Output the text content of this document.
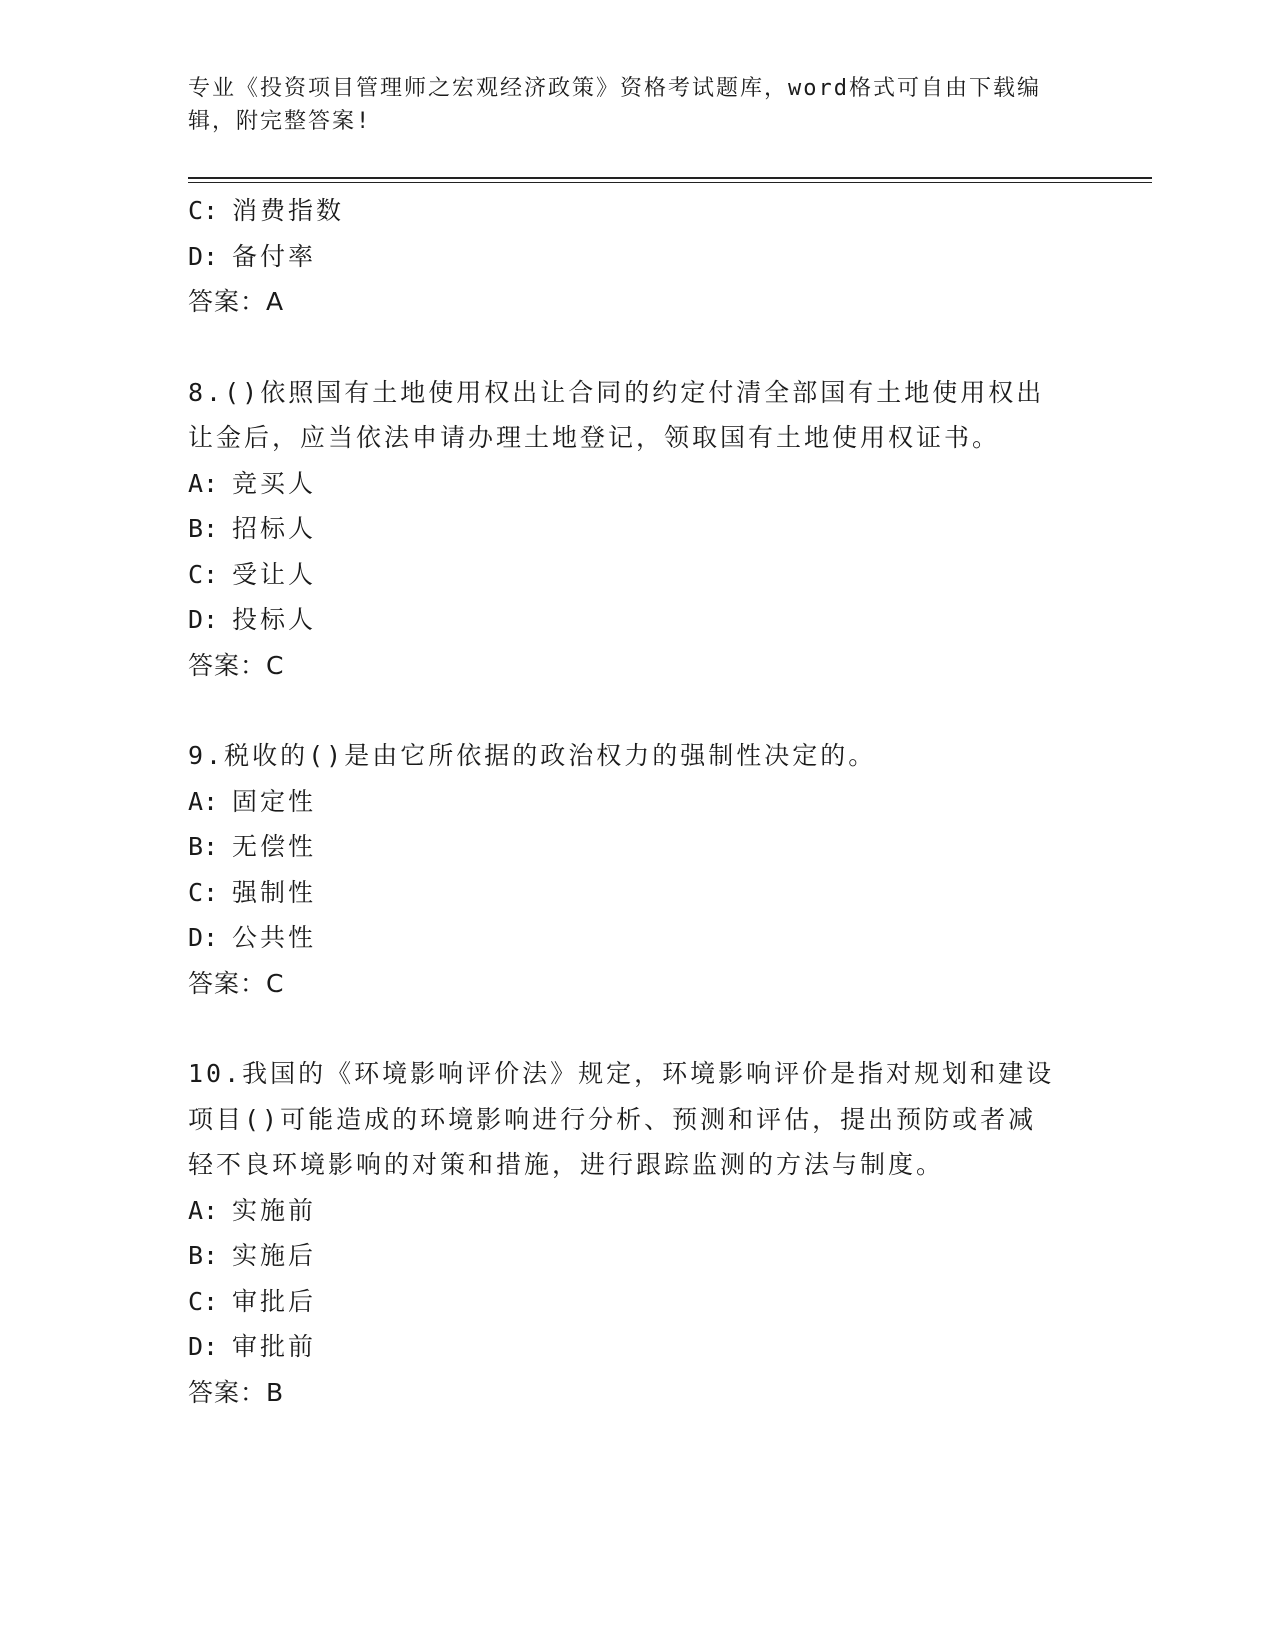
专业《投资项目管理师之宏观经济政策》资格考试题库，word格式可自由下载编
辑，附完整答案!
C: 消费指数
D: 备付率
答案：A
8.()依照国有土地使用权出让合同的约定付清全部国有土地使用权出
让金后，应当依法申请办理土地登记，领取国有土地使用权证书。
A: 竞买人
B: 招标人
C: 受让人
D: 投标人
答案：C
9.税收的()是由它所依据的政治权力的强制性决定的。
A: 固定性
B: 无偿性
C: 强制性
D: 公共性
答案：C
10.我国的《环境影响评价法》规定，环境影响评价是指对规划和建设
项目()可能造成的环境影响进行分析、预测和评估，提出预防或者减
轻不良环境影响的对策和措施，进行跟踪监测的方法与制度。
A: 实施前
B: 实施后
C: 审批后
D: 审批前
答案：B
